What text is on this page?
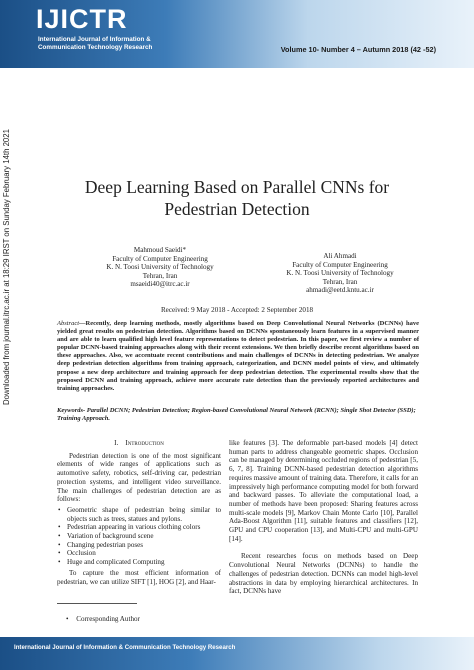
IJICTR
International Journal of Information &
Communication Technology Research	Volume 10- Number 4 – Autumn 2018 (42 -52)
Downloaded from journal.itrc.ac.ir at 18:29 IRST on Sunday February 14th 2021	Deep Learning Based on Parallel CNNs for
Pedestrian Detection
Mahmoud Saeidi*
Faculty of Computer Engineering
K. N. Toosi University of Technology
Tehran, Iran
msaeidi40@itrc.ac.ir
Ali Ahmadi
Faculty of Computer Engineering
K. N. Toosi University of Technology
Tehran, Iran
ahmadi@eetd.kntu.ac.ir
Received: 9 May 2018 - Accepted: 2 September 2018
Abstract—Recently, deep learning methods, mostly algorithms based on Deep Convolutional Neural Networks (DCNNs) have yielded great results on pedestrian detection. Algorithms based on DCNNs spontaneously learn features in a supervised manner and are able to learn qualified high level feature representations to detect pedestrian. In this paper, we first review a number of popular DCNN-based training approaches along with their recent extensions. We then briefly describe recent algorithms based on these approaches. Also, we accentuate recent contributions and main challenges of DCNNs in detecting pedestrian. We analyze deep pedestrian detection algorithms from training approach, categorization, and DCNN model points of view, and ultimately propose a new deep architecture and training approach for deep pedestrian detection. The experimental results show that the proposed DCNN and training approach, achieve more accurate rate detection than the previously reported architectures and training approaches.
Keywords- Parallel DCNN; Pedestrian Detection; Region-based Convolutional Neural Network (RCNN); Single Shot Detector (SSD); Training Approach.
I. Introduction

Pedestrian detection is one of the most significant elements of wide ranges of applications such as automotive safety, robotics, self-driving car, pedestrian protection systems, and intelligent video surveillance. The main challenges of pedestrian detection are as follows:

• Geometric shape of pedestrian being similar to objects such as trees, statues and pylons.
• Pedestrian appearing in various clothing colors
• Variation of background scene
• Changing pedestrian poses
• Occlusion
• Huge and complicated Computing

To capture the most efficient information of pedestrian, we can utilize SIFT [1], HOG [2], and Haar-

like features [3]. The deformable part-based models [4] detect human parts to address changeable geometric shapes. Occlusion can be managed by determining occluded regions of pedestrian [5, 6, 7, 8]. Training DCNN-based pedestrian detection algorithms requires massive amount of training data. Therefore, it calls for an impressively high performance computing model for both forward and backward passes. To alleviate the computational load, a number of methods have been proposed: Sharing features across multi-scale models [9], Markov Chain Monte Carlo [10], Parallel Ada-Boost Algorithm [11], suitable features and classifiers [12], GPU and CPU cooperation [13], and Multi-CPU and multi-GPU [14].

Recent researches focus on methods based on Deep Convolutional Neural Networks (DCNNs) to handle the challenges of pedestrian detection. DCNNs can model high-level abstractions in data by employing hierarchical architectures. In fact, DCNNs have

• Corresponding Author
International Journal of Information & Communication Technology Research
